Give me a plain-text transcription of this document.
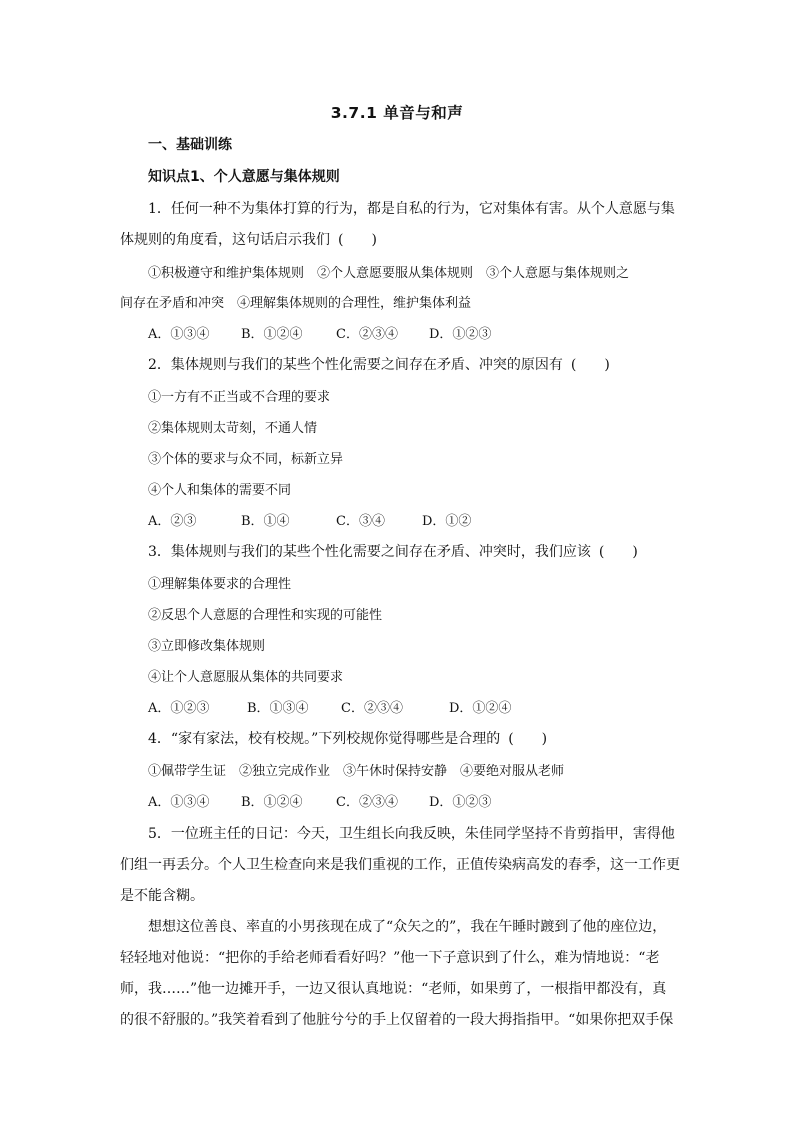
3.7.1 单音与和声
一、基础训练
知识点1、个人意愿与集体规则
1．任何一种不为集体打算的行为，都是自私的行为，它对集体有害。从个人意愿与集
体规则的角度看，这句话启示我们 (　　)
①积极遵守和维护集体规则　②个人意愿要服从集体规则　③个人意愿与集体规则之
间存在矛盾和冲突　④理解集体规则的合理性，维护集体利益
A．①③④ B．①②④	C．②③④ D．①②③
2．集体规则与我们的某些个性化需要之间存在矛盾、冲突的原因有 (　　)
①一方有不正当或不合理的要求
②集体规则太苛刻，不通人情
③个体的要求与众不同，标新立异
④个人和集体的需要不同
A．②③	B．①④	C．③④	D．①②
3．集体规则与我们的某些个性化需要之间存在矛盾、冲突时，我们应该 (　　)
①理解集体要求的合理性
②反思个人意愿的合理性和实现的可能性
③立即修改集体规则
④让个人意愿服从集体的共同要求
A．①②③	B．①③④ C．②③④	D．①②④
4．“家有家法，校有校规。”下列校规你觉得哪些是合理的 (　　)
①佩带学生证　②独立完成作业　③午休时保持安静　④要绝对服从老师
A．①③④ B．①②④	C．②③④ D．①②③
5．一位班主任的日记：今天，卫生组长向我反映，朱佳同学坚持不肯剪指甲，害得他
们组一再丢分。个人卫生检查向来是我们重视的工作，正值传染病高发的春季，这一工作更
是不能含糊。
想想这位善良、率直的小男孩现在成了“众矢之的”，我在午睡时踱到了他的座位边，
轻轻地对他说：“把你的手给老师看看好吗？”他一下子意识到了什么，难为情地说：“老
师，我……”他一边摊开手，一边又很认真地说：“老师，如果剪了，一根指甲都没有，真
的很不舒服的。”我笑着看到了他脏兮兮的手上仅留着的一段大拇指指甲。“如果你把双手保
